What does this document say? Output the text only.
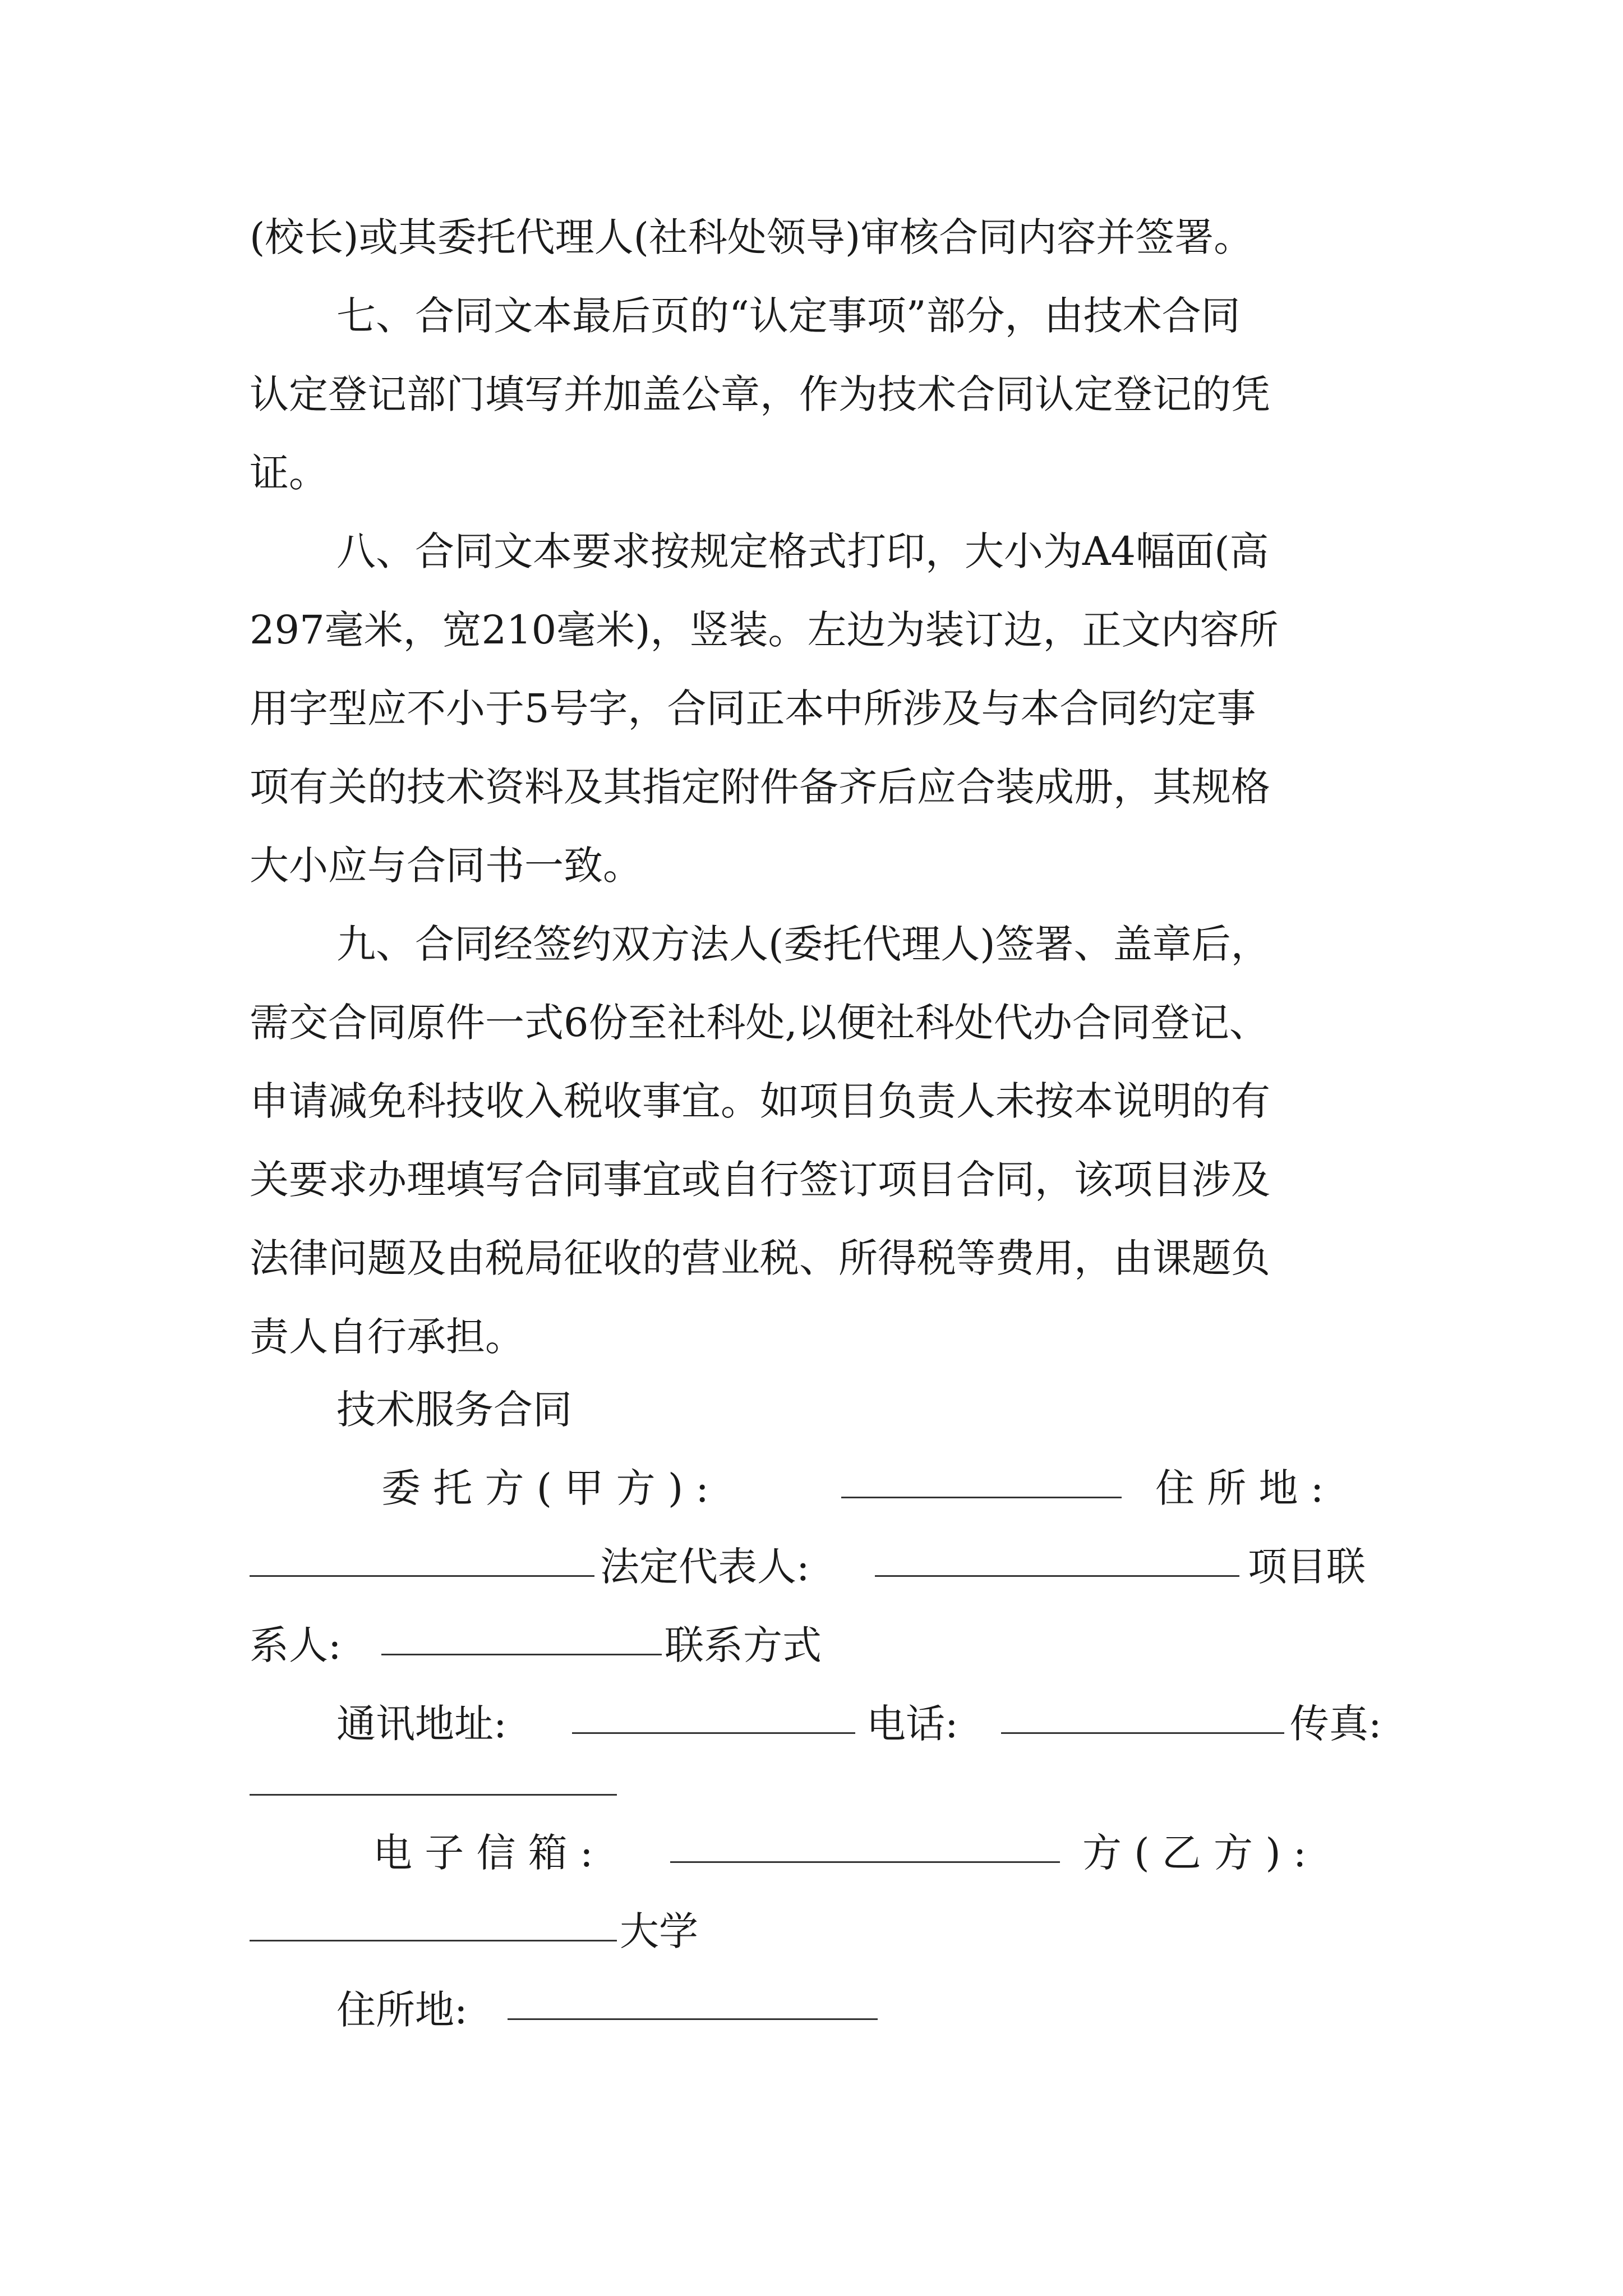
(校长)或其委托代理人(社科处领导)审核合同内容并签署。
七、合同文本最后页的“认定事项”部分，由技术合同
认定登记部门填写并加盖公章，作为技术合同认定登记的凭
证。
八、合同文本要求按规定格式打印，大小为A4幅面(高
297毫米，宽210毫米)，竖装。左边为装订边，正文内容所
用字型应不小于5号字，合同正本中所涉及与本合同约定事
项有关的技术资料及其指定附件备齐后应合装成册，其规格
大小应与合同书一致。
九、合同经签约双方法人(委托代理人)签署、盖章后，
需交合同原件一式6份至社科处,以便社科处代办合同登记、
申请减免科技收入税收事宜。如项目负责人未按本说明的有
关要求办理填写合同事宜或自行签订项目合同，该项目涉及
法律问题及由税局征收的营业税、所得税等费用，由课题负
责人自行承担。
技术服务合同
委 托 方 ( 甲 方 ) :	住 所 地 :
法定代表人:	项目联
系人:	联系方式
通讯地址:	电话:	传真:
电 子 信 箱 :	方 ( 乙 方 ) :
大学
住所地:
